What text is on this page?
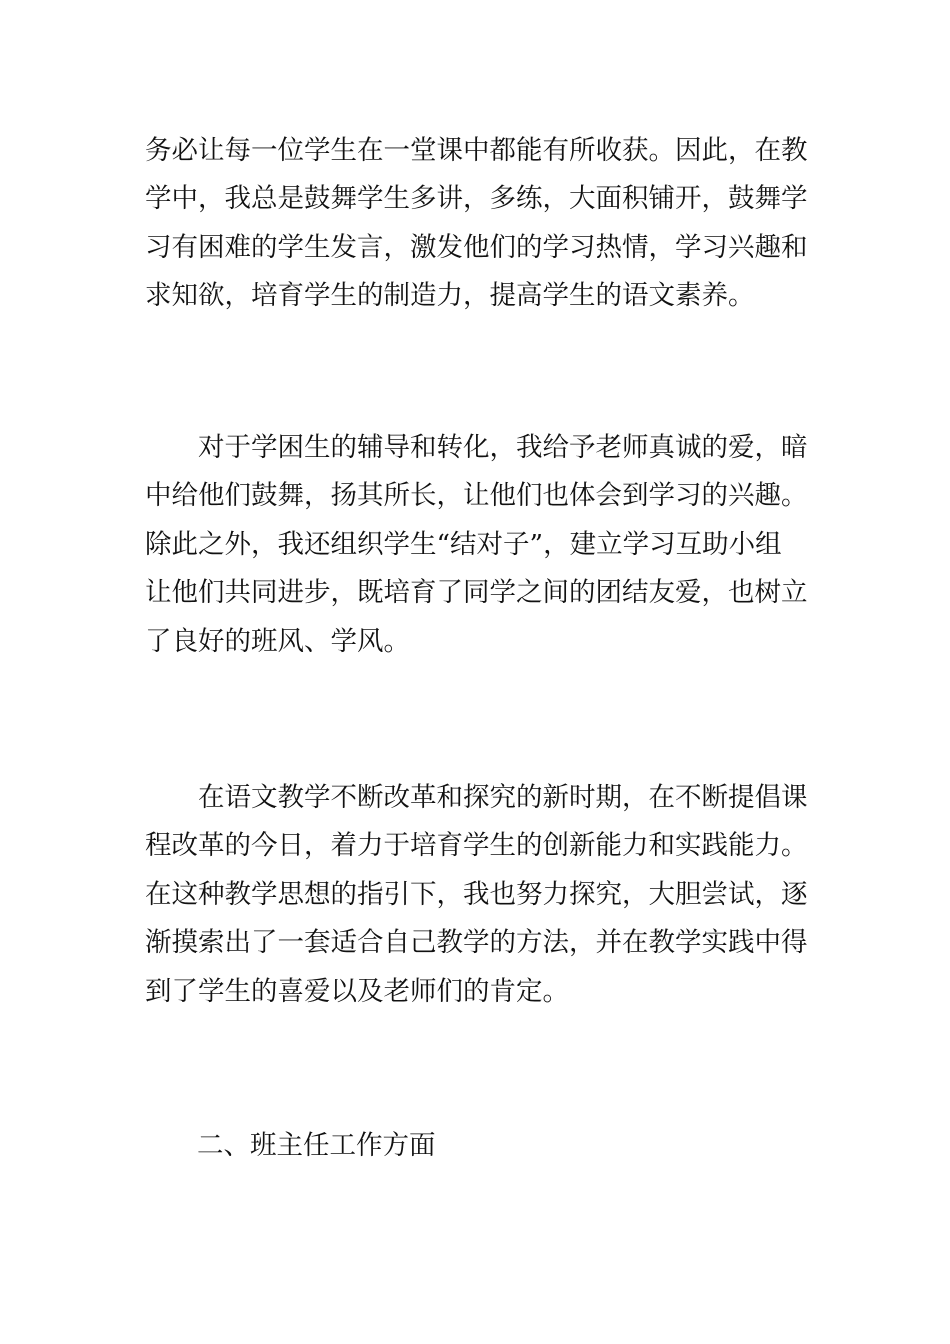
务必让每一位学生在一堂课中都能有所收获。因此，在教
学中，我总是鼓舞学生多讲，多练，大面积铺开，鼓舞学
习有困难的学生发言，激发他们的学习热情，学习兴趣和
求知欲，培育学生的制造力，提高学生的语文素养。
　　对于学困生的辅导和转化，我给予老师真诚的爱，暗
中给他们鼓舞，扬其所长，让他们也体会到学习的兴趣。
除此之外，我还组织学生“结对子”，建立学习互助小组
让他们共同进步，既培育了同学之间的团结友爱，也树立
了良好的班风、学风。
　　在语文教学不断改革和探究的新时期，在不断提倡课
程改革的今日，着力于培育学生的创新能力和实践能力。
在这种教学思想的指引下，我也努力探究，大胆尝试，逐
渐摸索出了一套适合自己教学的方法，并在教学实践中得
到了学生的喜爱以及老师们的肯定。
二、班主任工作方面
